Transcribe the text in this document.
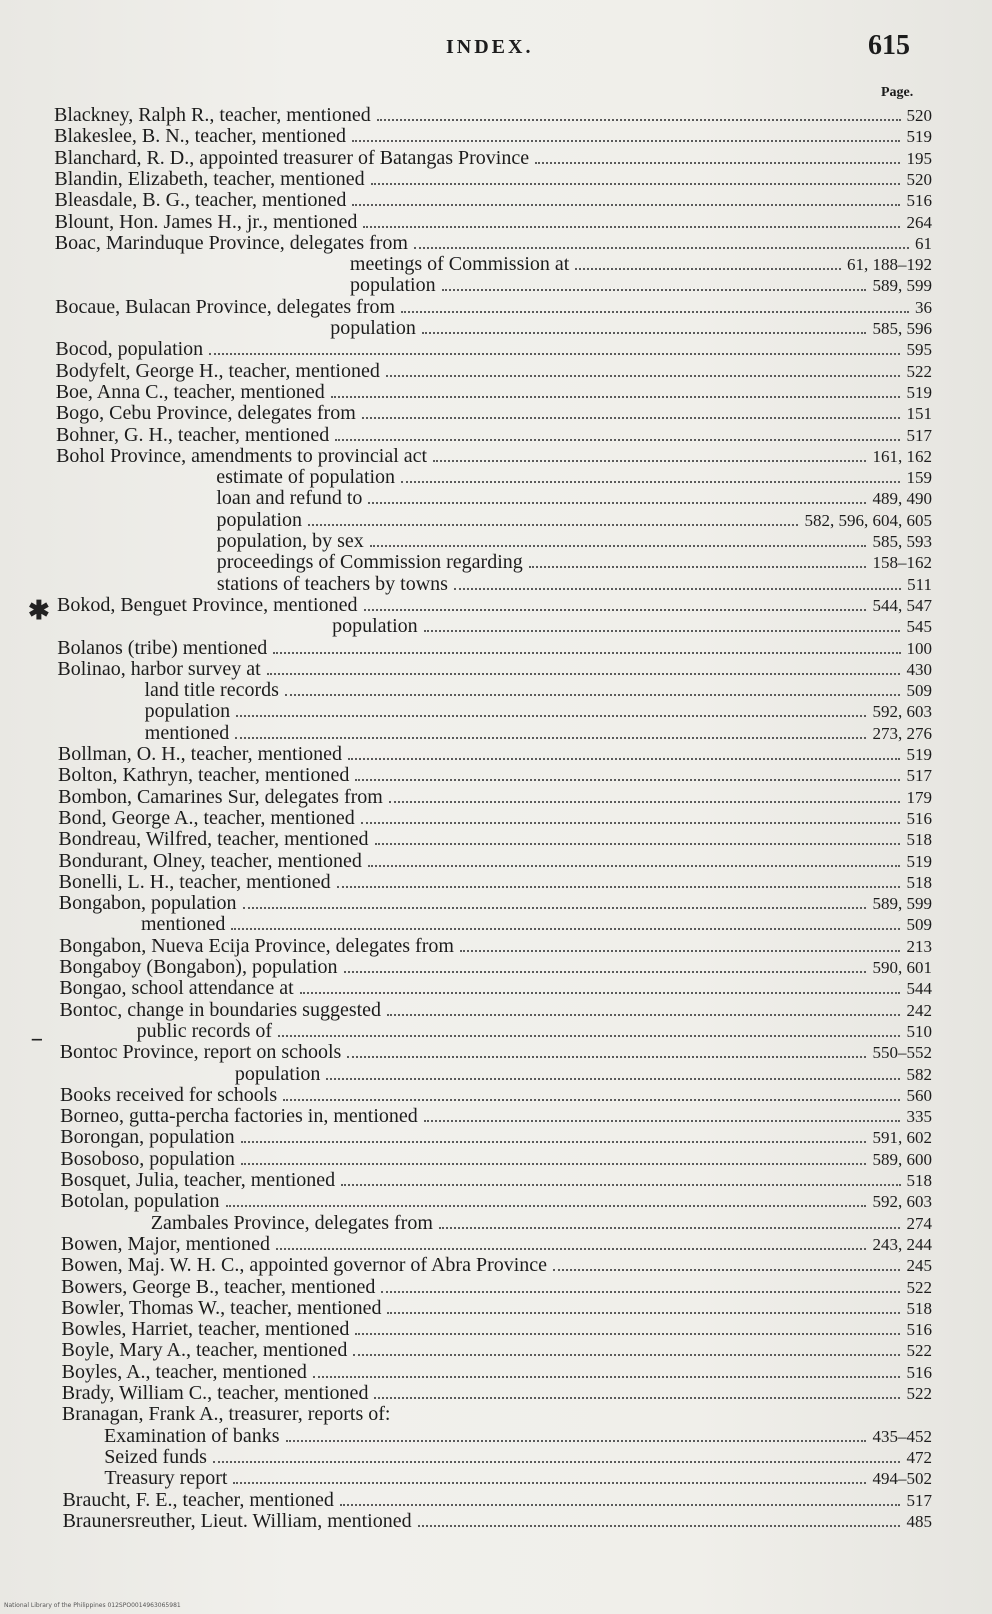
INDEX.	615
Page.
Blackney, Ralph R., teacher, mentioned	520
Blakeslee, B. N., teacher, mentioned	519
Blanchard, R. D., appointed treasurer of Batangas Province	195
Blandin, Elizabeth, teacher, mentioned	520
Bleasdale, B. G., teacher, mentioned	516
Blount, Hon. James H., jr., mentioned	264
Boac, Marinduque Province, delegates from	61
meetings of Commission at	61, 188–192
population	589, 599
Bocaue, Bulacan Province, delegates from	36
population	585, 596
Bocod, population	595
Bodyfelt, George H., teacher, mentioned	522
Boe, Anna C., teacher, mentioned	519
Bogo, Cebu Province, delegates from	151
Bohner, G. H., teacher, mentioned	517
Bohol Province, amendments to provincial act	161, 162
estimate of population	159
loan and refund to	489, 490
population	582, 596, 604, 605
population, by sex	585, 593
proceedings of Commission regarding	158–162
stations of teachers by towns	511
Bokod, Benguet Province, mentioned	544, 547
population	545
Bolanos (tribe) mentioned	100
Bolinao, harbor survey at	430
land title records	509
population	592, 603
mentioned	273, 276
Bollman, O. H., teacher, mentioned	519
Bolton, Kathryn, teacher, mentioned	517
Bombon, Camarines Sur, delegates from	179
Bond, George A., teacher, mentioned	516
Bondreau, Wilfred, teacher, mentioned	518
Bondurant, Olney, teacher, mentioned	519
Bonelli, L. H., teacher, mentioned	518
Bongabon, population	589, 599
mentioned	509
Bongabon, Nueva Ecija Province, delegates from	213
Bongaboy (Bongabon), population	590, 601
Bongao, school attendance at	544
Bontoc, change in boundaries suggested	242
public records of	510
Bontoc Province, report on schools	550–552
population	582
Books received for schools	560
Borneo, gutta-percha factories in, mentioned	335
Borongan, population	591, 602
Bosoboso, population	589, 600
Bosquet, Julia, teacher, mentioned	518
Botolan, population	592, 603
Zambales Province, delegates from	274
Bowen, Major, mentioned	243, 244
Bowen, Maj. W. H. C., appointed governor of Abra Province	245
Bowers, George B., teacher, mentioned	522
Bowler, Thomas W., teacher, mentioned	518
Bowles, Harriet, teacher, mentioned	516
Boyle, Mary A., teacher, mentioned	522
Boyles, A., teacher, mentioned	516
Brady, William C., teacher, mentioned	522
Branagan, Frank A., treasurer, reports of:
Examination of banks	435–452
Seized funds	472
Treasury report	494–502
Braucht, F. E., teacher, mentioned	517
Braunersreuther, Lieut. William, mentioned	485
✱
⁻
National Library of the Philippines 012SPO0014963065981
